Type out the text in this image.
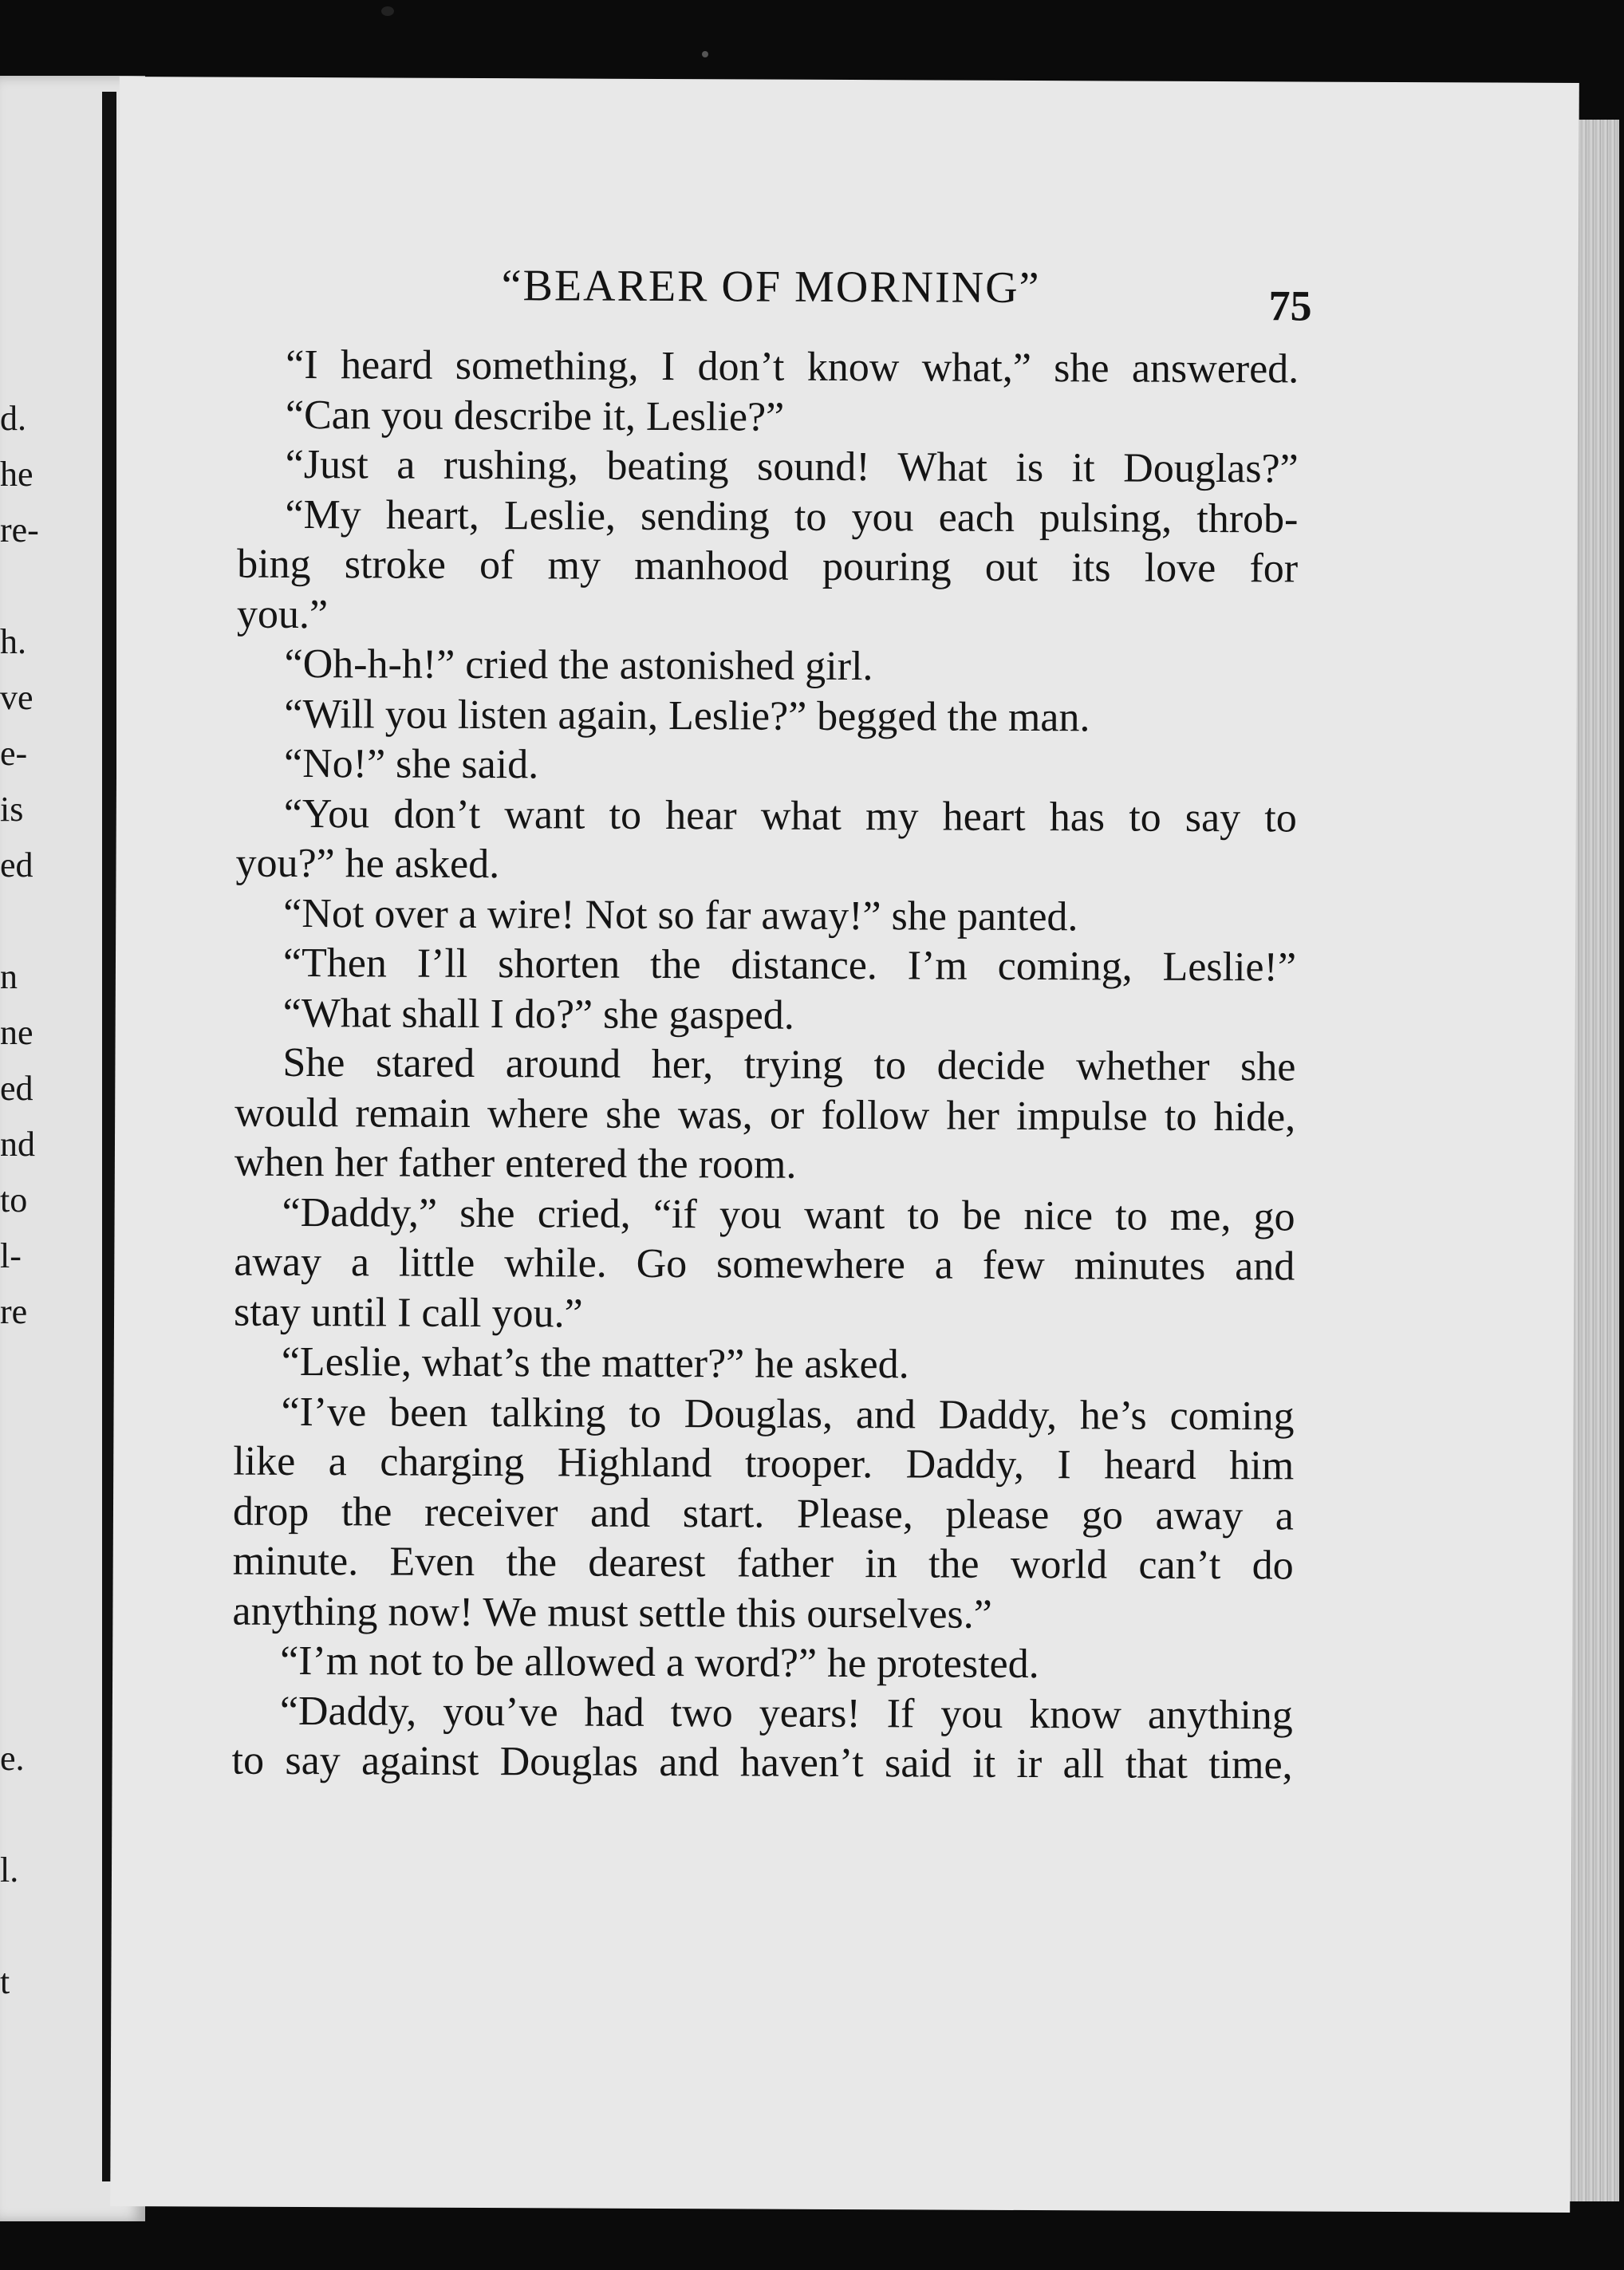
d.
he
re-
h.
ve
e-
is
ed
n
ne
ed
nd
to
l-
re
e.
l.
t
“BEARER OF MORNING”	75
“I heard something, I don’t know what,” she answered.
“Can you describe it, Leslie?”
“Just a rushing, beating sound! What is it Douglas?”
“My heart, Leslie, sending to you each pulsing, throb-
bing stroke of my manhood pouring out its love for
you.”
“Oh-h-h!” cried the astonished girl.
“Will you listen again, Leslie?” begged the man.
“No!” she said.
“You don’t want to hear what my heart has to say to
you?” he asked.
“Not over a wire! Not so far away!” she panted.
“Then I’ll shorten the distance. I’m coming, Leslie!”
“What shall I do?” she gasped.
She stared around her, trying to decide whether she
would remain where she was, or follow her impulse to hide,
when her father entered the room.
“Daddy,” she cried, “if you want to be nice to me, go
away a little while. Go somewhere a few minutes and
stay until I call you.”
“Leslie, what’s the matter?” he asked.
“I’ve been talking to Douglas, and Daddy, he’s coming
like a charging Highland trooper. Daddy, I heard him
drop the receiver and start. Please, please go away a
minute. Even the dearest father in the world can’t do
anything now! We must settle this ourselves.”
“I’m not to be allowed a word?” he protested.
“Daddy, you’ve had two years! If you know anything
to say against Douglas and haven’t said it ir all that time,
